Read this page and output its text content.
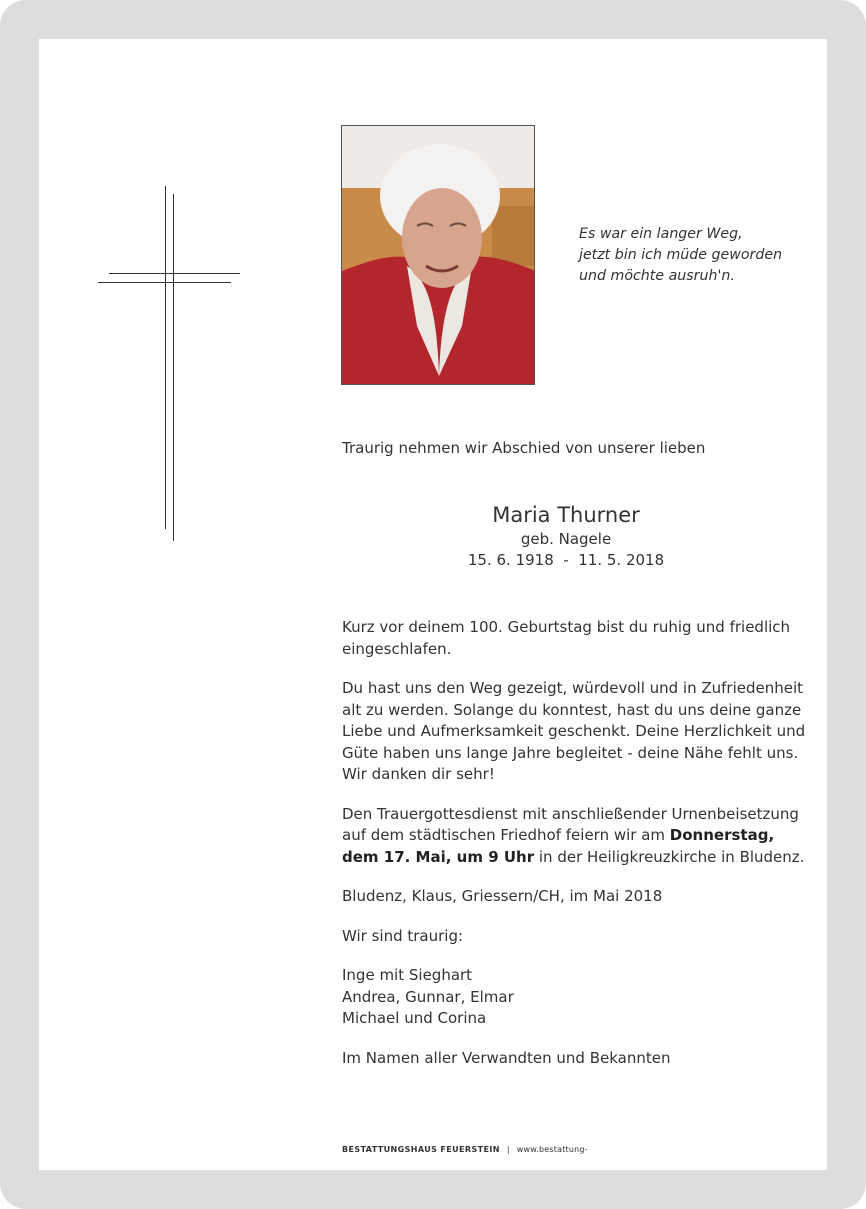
Es war ein langer Weg,
jetzt bin ich müde geworden
und möchte ausruh'n.
Traurig nehmen wir Abschied von unserer lieben
Maria Thurner
geb. Nagele
15. 6. 1918  -  11. 5. 2018

Kurz vor deinem 100. Geburtstag bist du ruhig und friedlich
eingeschlafen.

Du hast uns den Weg gezeigt, würdevoll und in Zufriedenheit
alt zu werden. Solange du konntest, hast du uns deine ganze
Liebe und Aufmerksamkeit geschenkt. Deine Herzlichkeit und
Güte haben uns lange Jahre begleitet - deine Nähe fehlt uns.
Wir danken dir sehr!

Den Trauergottesdienst mit anschließender Urnenbeisetzung
auf dem städtischen Friedhof feiern wir am Donnerstag,
dem 17. Mai, um 9 Uhr in der Heiligkreuzkirche in Bludenz.

Bludenz, Klaus, Griessern/CH, im Mai 2018

Wir sind traurig:

Inge mit Sieghart
Andrea, Gunnar, Elmar
Michael und Corina

Im Namen aller Verwandten und Bekannten

BESTATTUNGSHAUS FEUERSTEIN | www.bestattung-
